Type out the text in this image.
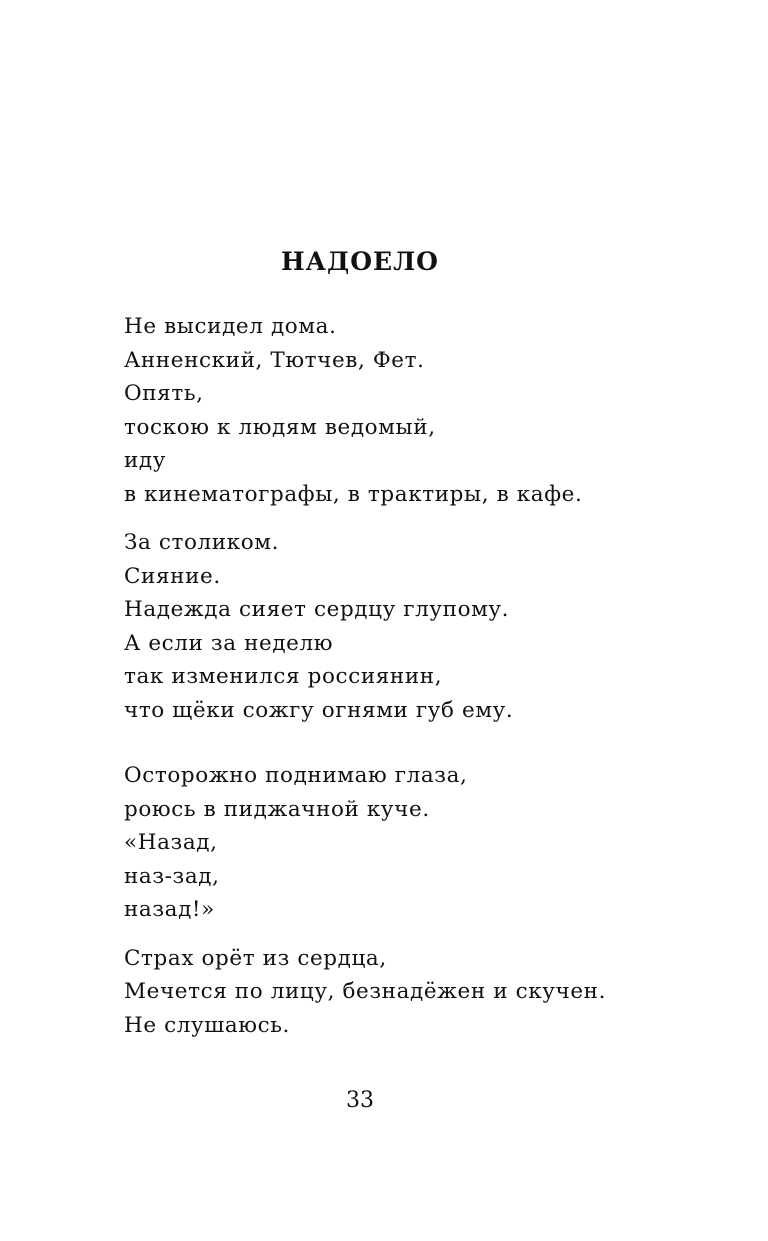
НАДОЕЛО
Не высидел дома.
Анненский, Тютчев, Фет.
Опять,
тоскою к людям ведомый,
иду
в кинематографы, в трактиры, в кафе.
За столиком.
Сияние.
Надежда сияет сердцу глупому.
А если за неделю
так изменился россиянин,
что щёки сожгу огнями губ ему.
Осторожно поднимаю глаза,
роюсь в пиджачной куче.
«Назад,
наз-зад,
назад!»
Страх орёт из сердца,
Мечется по лицу, безнадёжен и скучен.
Не слушаюсь.
33
